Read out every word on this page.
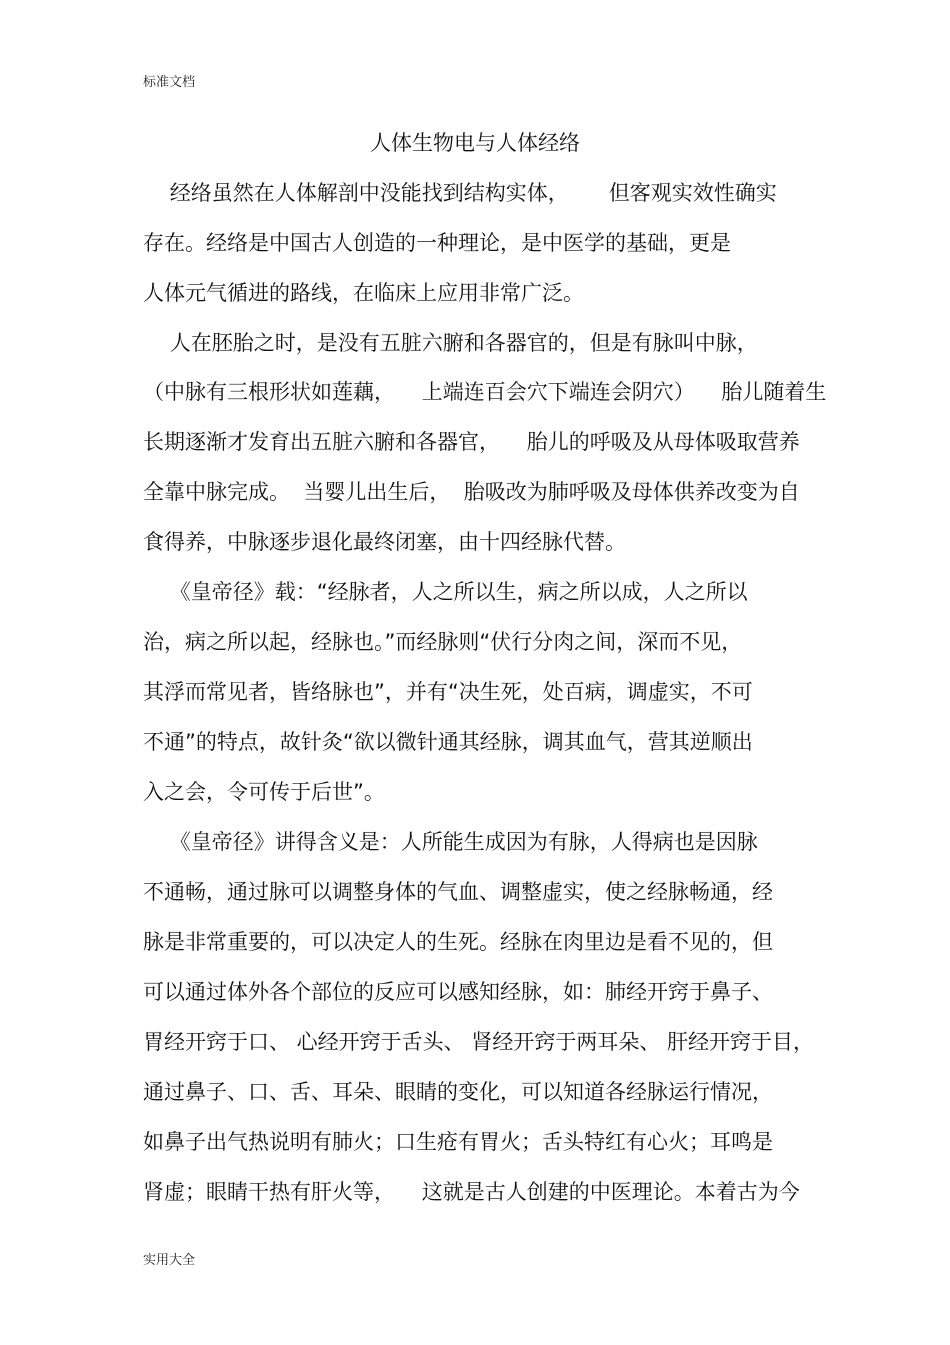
标准文档
人体生物电与人体经络
经络虽然在人体解剖中没能找到结构实体，      但客观实效性确实
存在。经络是中国古人创造的一种理论，是中医学的基础，更是
人体元气循进的路线，在临床上应用非常广泛。
人在胚胎之时，是没有五脏六腑和各器官的，但是有脉叫中脉，
（中脉有三根形状如莲藕，    上端连百会穴下端连会阴穴）    胎儿随着生
长期逐渐才发育出五脏六腑和各器官，    胎儿的呼吸及从母体吸取营养
全靠中脉完成。  当婴儿出生后，  胎吸改为肺呼吸及母体供养改变为自
食得养，中脉逐步退化最终闭塞，由十四经脉代替。
《皇帝径》载：“经脉者，人之所以生，病之所以成，人之所以
治，病之所以起，经脉也。”而经脉则“伏行分肉之间，深而不见，
其浮而常见者，皆络脉也”，并有“决生死，处百病，调虚实，不可
不通”的特点，故针灸“欲以微针通其经脉，调其血气，营其逆顺出
入之会，令可传于后世”。
《皇帝径》讲得含义是：人所能生成因为有脉，人得病也是因脉
不通畅，通过脉可以调整身体的气血、调整虚实，使之经脉畅通，经
脉是非常重要的，可以决定人的生死。经脉在肉里边是看不见的，但
可以通过体外各个部位的反应可以感知经脉，如：肺经开窍于鼻子、
胃经开窍于口、 心经开窍于舌头、 肾经开窍于两耳朵、 肝经开窍于目，
通过鼻子、口、舌、耳朵、眼睛的变化，可以知道各经脉运行情况，
如鼻子出气热说明有肺火；口生疮有胃火；舌头特红有心火；耳鸣是
肾虚；眼睛干热有肝火等，    这就是古人创建的中医理论。本着古为今
实用大全
